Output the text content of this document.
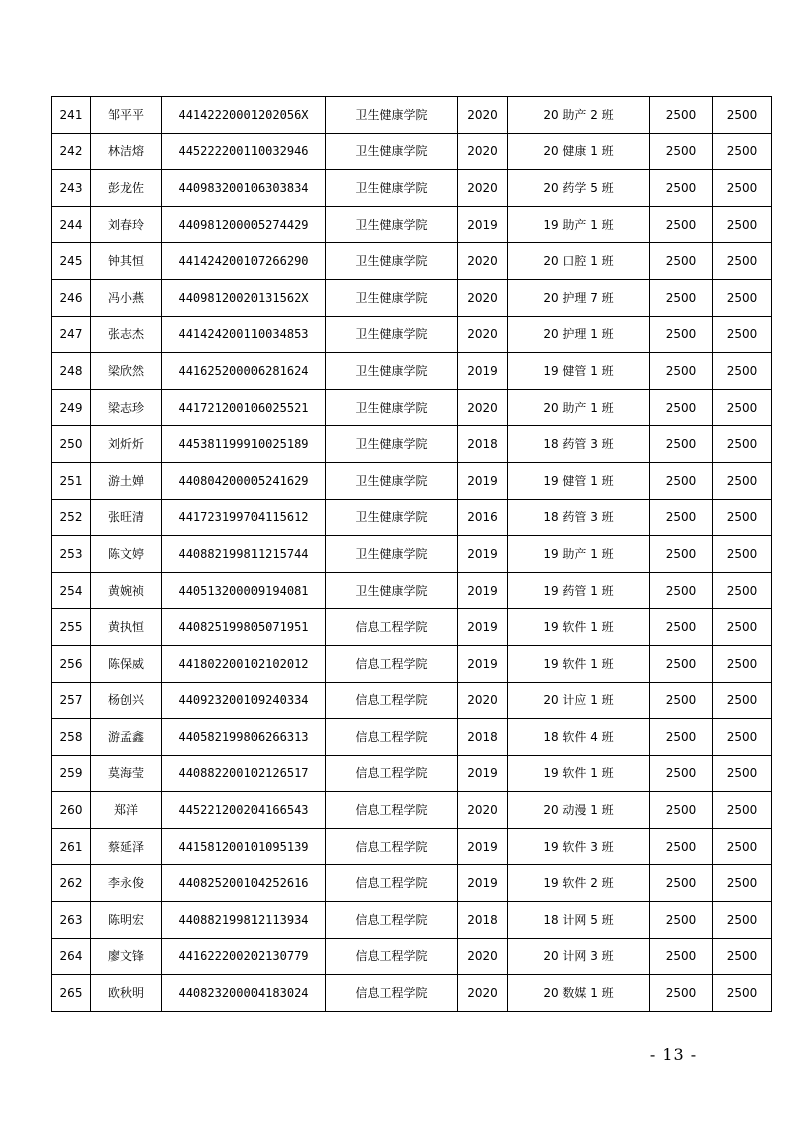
241	邹平平	44142220001202056X	卫生健康学院	2020	20 助产 2 班	2500	2500
242	林洁熔	445222200110032946	卫生健康学院	2020	20 健康 1 班	2500	2500
243	彭龙佐	440983200106303834	卫生健康学院	2020	20 药学 5 班	2500	2500
244	刘春玲	440981200005274429	卫生健康学院	2019	19 助产 1 班	2500	2500
245	钟其恒	441424200107266290	卫生健康学院	2020	20 口腔 1 班	2500	2500
246	冯小燕	44098120020131562X	卫生健康学院	2020	20 护理 7 班	2500	2500
247	张志杰	441424200110034853	卫生健康学院	2020	20 护理 1 班	2500	2500
248	梁欣然	441625200006281624	卫生健康学院	2019	19 健管 1 班	2500	2500
249	梁志珍	441721200106025521	卫生健康学院	2020	20 助产 1 班	2500	2500
250	刘炘炘	445381199910025189	卫生健康学院	2018	18 药管 3 班	2500	2500
251	游土婵	440804200005241629	卫生健康学院	2019	19 健管 1 班	2500	2500
252	张旺清	441723199704115612	卫生健康学院	2016	18 药管 3 班	2500	2500
253	陈文婷	440882199811215744	卫生健康学院	2019	19 助产 1 班	2500	2500
254	黄婉祯	440513200009194081	卫生健康学院	2019	19 药管 1 班	2500	2500
255	黄执恒	440825199805071951	信息工程学院	2019	19 软件 1 班	2500	2500
256	陈保威	441802200102102012	信息工程学院	2019	19 软件 1 班	2500	2500
257	杨创兴	440923200109240334	信息工程学院	2020	20 计应 1 班	2500	2500
258	游孟鑫	440582199806266313	信息工程学院	2018	18 软件 4 班	2500	2500
259	莫海莹	440882200102126517	信息工程学院	2019	19 软件 1 班	2500	2500
260	郑洋	445221200204166543	信息工程学院	2020	20 动漫 1 班	2500	2500
261	蔡延泽	441581200101095139	信息工程学院	2019	19 软件 3 班	2500	2500
262	李永俊	440825200104252616	信息工程学院	2019	19 软件 2 班	2500	2500
263	陈明宏	440882199812113934	信息工程学院	2018	18 计网 5 班	2500	2500
264	廖文锋	441622200202130779	信息工程学院	2020	20 计网 3 班	2500	2500
265	欧秋明	440823200004183024	信息工程学院	2020	20 数媒 1 班	2500	2500
- 13 -
